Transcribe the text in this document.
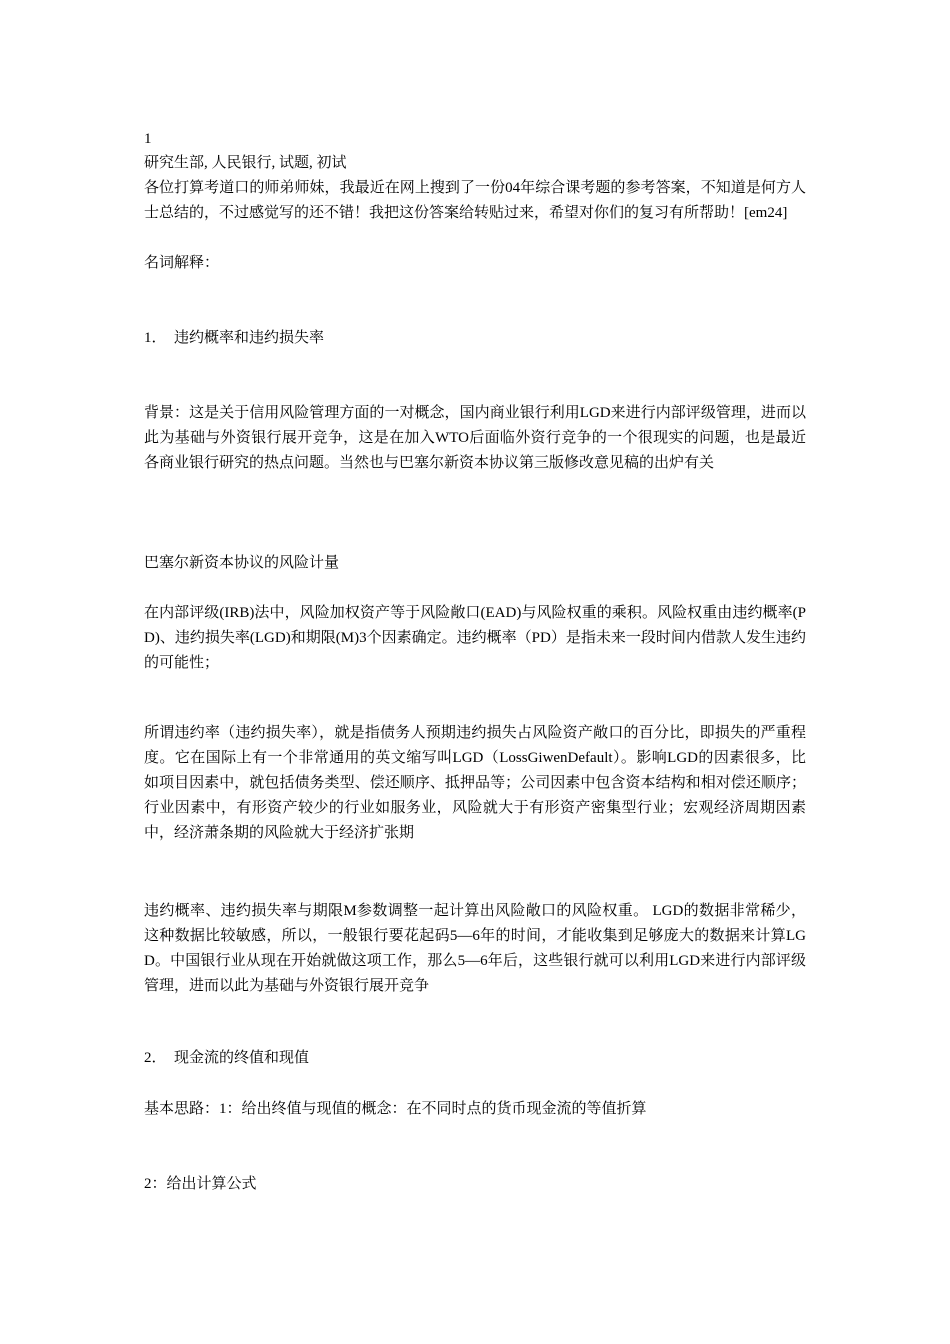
1
研究生部, 人民银行, 试题, 初试
各位打算考道口的师弟师妹，我最近在网上搜到了一份04年综合课考题的参考答案，不知道是何方人士总结的，不过感觉写的还不错！我把这份答案给转贴过来，希望对你们的复习有所帮助！[em24]
名词解释：
1． 违约概率和违约损失率
背景：这是关于信用风险管理方面的一对概念，国内商业银行利用LGD来进行内部评级管理，进而以此为基础与外资银行展开竞争，这是在加入WTO后面临外资行竞争的一个很现实的问题，也是最近各商业银行研究的热点问题。当然也与巴塞尔新资本协议第三版修改意见稿的出炉有关
巴塞尔新资本协议的风险计量
在内部评级(IRB)法中，风险加权资产等于风险敞口(EAD)与风险权重的乘积。风险权重由违约概率(PD)、违约损失率(LGD)和期限(M)3个因素确定。违约概率（PD）是指未来一段时间内借款人发生违约的可能性；
所谓违约率（违约损失率），就是指债务人预期违约损失占风险资产敞口的百分比，即损失的严重程度。它在国际上有一个非常通用的英文缩写叫LGD（LossGiwenDefault）。影响LGD的因素很多，比如项目因素中，就包括债务类型、偿还顺序、抵押品等；公司因素中包含资本结构和相对偿还顺序；行业因素中，有形资产较少的行业如服务业，风险就大于有形资产密集型行业；宏观经济周期因素中，经济萧条期的风险就大于经济扩张期
违约概率、违约损失率与期限M参数调整一起计算出风险敞口的风险权重。 LGD的数据非常稀少，这种数据比较敏感，所以，一般银行要花起码5—6年的时间，才能收集到足够庞大的数据来计算LGD。中国银行业从现在开始就做这项工作，那么5—6年后，这些银行就可以利用LGD来进行内部评级管理，进而以此为基础与外资银行展开竞争
2． 现金流的终值和现值
基本思路：1：给出终值与现值的概念：在不同时点的货币现金流的等值折算
2：给出计算公式
